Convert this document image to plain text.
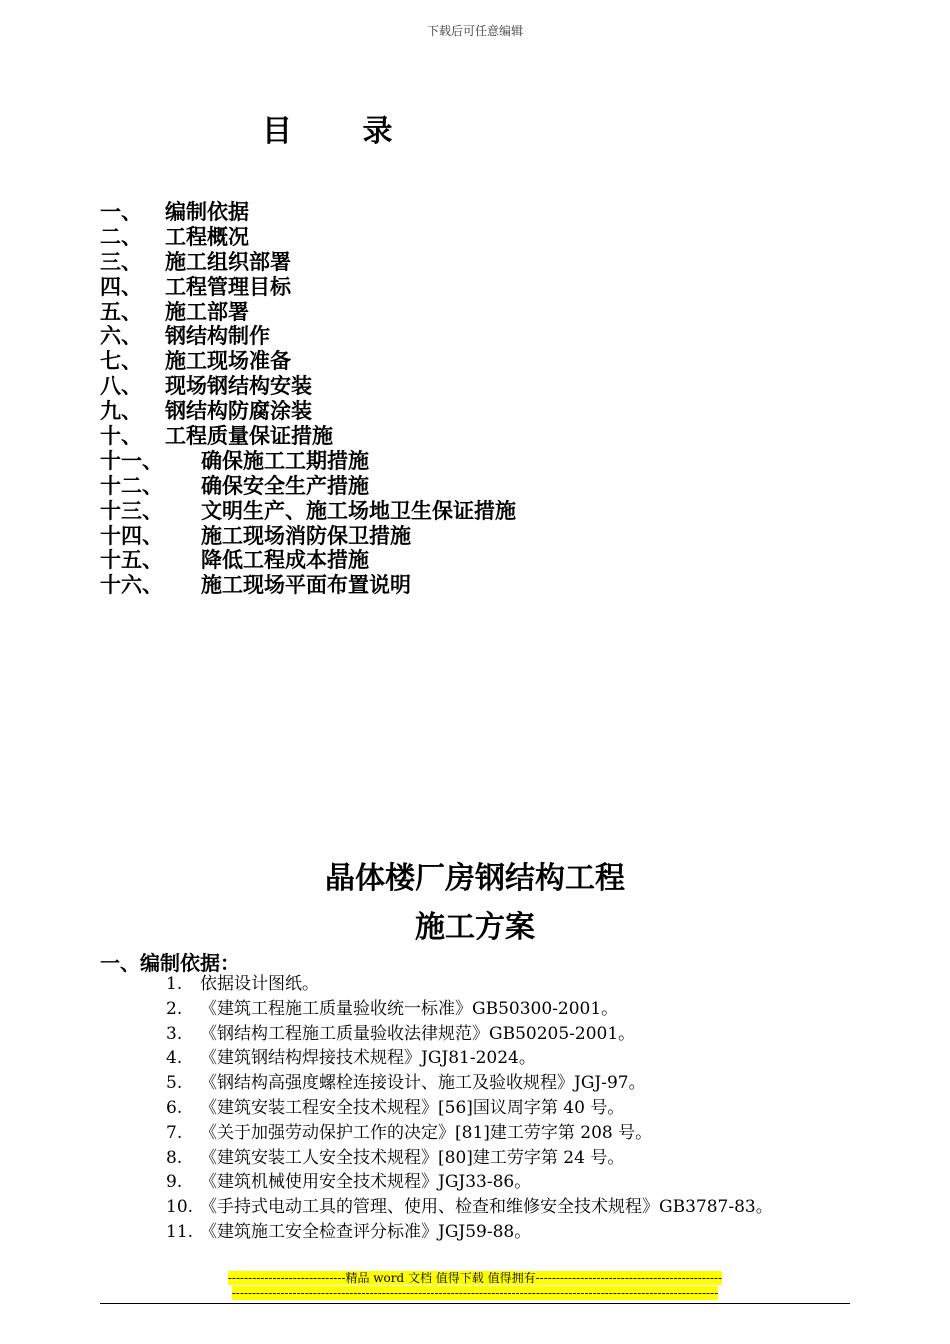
下载后可任意编辑
目 录
一、	编制依据
二、	工程概况
三、	施工组织部署
四、	工程管理目标
五、	施工部署
六、	钢结构制作
七、	施工现场准备
八、	现场钢结构安装
九、	钢结构防腐涂装
十、	工程质量保证措施
十一、	确保施工工期措施
十二、	确保安全生产措施
十三、	文明生产、施工场地卫生保证措施
十四、	施工现场消防保卫措施
十五、	降低工程成本措施
十六、	施工现场平面布置说明
晶体楼厂房钢结构工程
施工方案
一、编制依据：
1.	依据设计图纸。
2.	《建筑工程施工质量验收统一标准》GB50300-2001。
3.	《钢结构工程施工质量验收法律规范》GB50205-2001。
4.	《建筑钢结构焊接技术规程》JGJ81-2024。
5.	《钢结构高强度螺栓连接设计、施工及验收规程》JGJ-97。
6.	《建筑安装工程安全技术规程》[56]国议周字第 40 号。
7.	《关于加强劳动保护工作的决定》[81]建工劳字第 208 号。
8.	《建筑安装工人安全技术规程》[80]建工劳字第 24 号。
9.	《建筑机械使用安全技术规程》JGJ33-86。
10. 《手持式电动工具的管理、使用、检查和维修安全技术规程》GB3787-83。
11. 《建筑施工安全检查评分标准》JGJ59-88。
-----------------------------精品 word 文档 值得下载 值得拥有----------------------------------------------
------------------------------------------------------------------------------------------------------------------------
